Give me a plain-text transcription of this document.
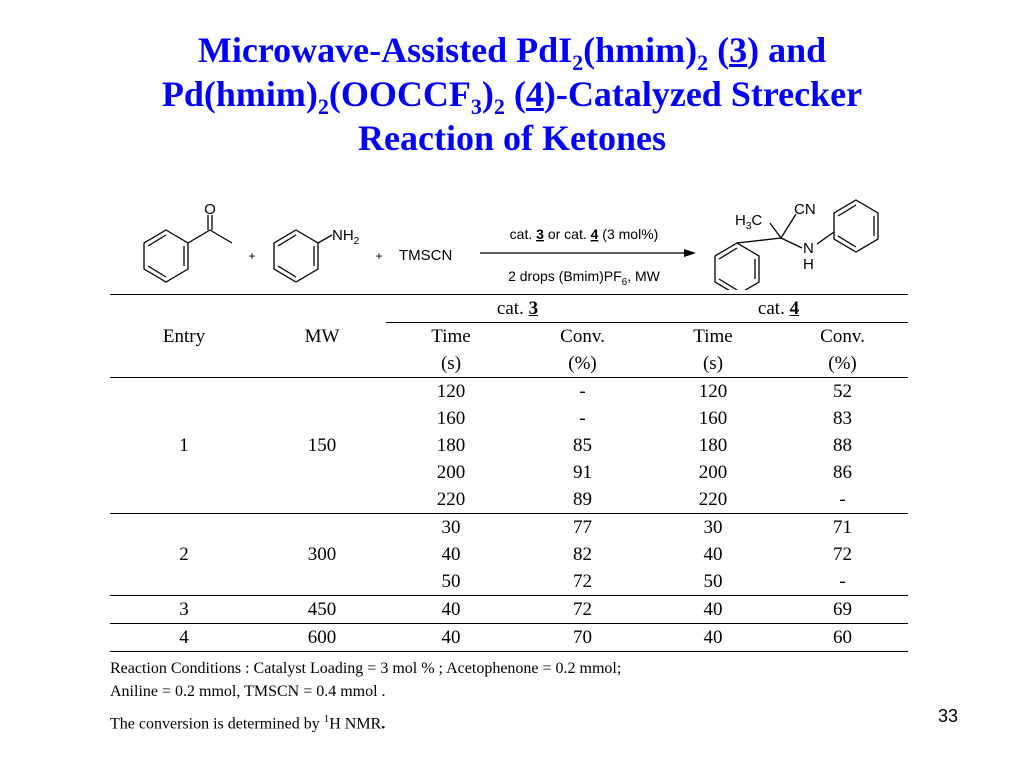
Microwave-Assisted $PdI_2(hmim)_2$ (3) and
$Pd(hmim)_2(OOCCF_3)_2$ (4)-Catalyzed Strecker
Reaction of Ketones
O
+
$NH_2$
+ TMSCN
cat. 3 or cat. 4 (3 mol%)
2 drops $(Bmim)PF_6$, MW
$H_3C$
CN
N
H
Entry	MW	cat. 3		cat. 4	
		Time	Conv.	Time	Conv.
		(s)	(%)	(s)	(%)
1	150	120	-	120	52
		160	-	160	83
		180	85	180	88
		200	91	200	86
		220	89	220	-
2	300	30	77	30	71
		40	82	40	72
		50	72	50	-
3	450	40	72	40	69
4	600	40	70	40	60

Reaction Conditions : Catalyst Loading = 3 mol % ; Acetophenone = 0.2 mmol;

Aniline = 0.2 mmol, TMSCN = 0.4 mmol .

The conversion is determined by $^1$H NMR.	33
